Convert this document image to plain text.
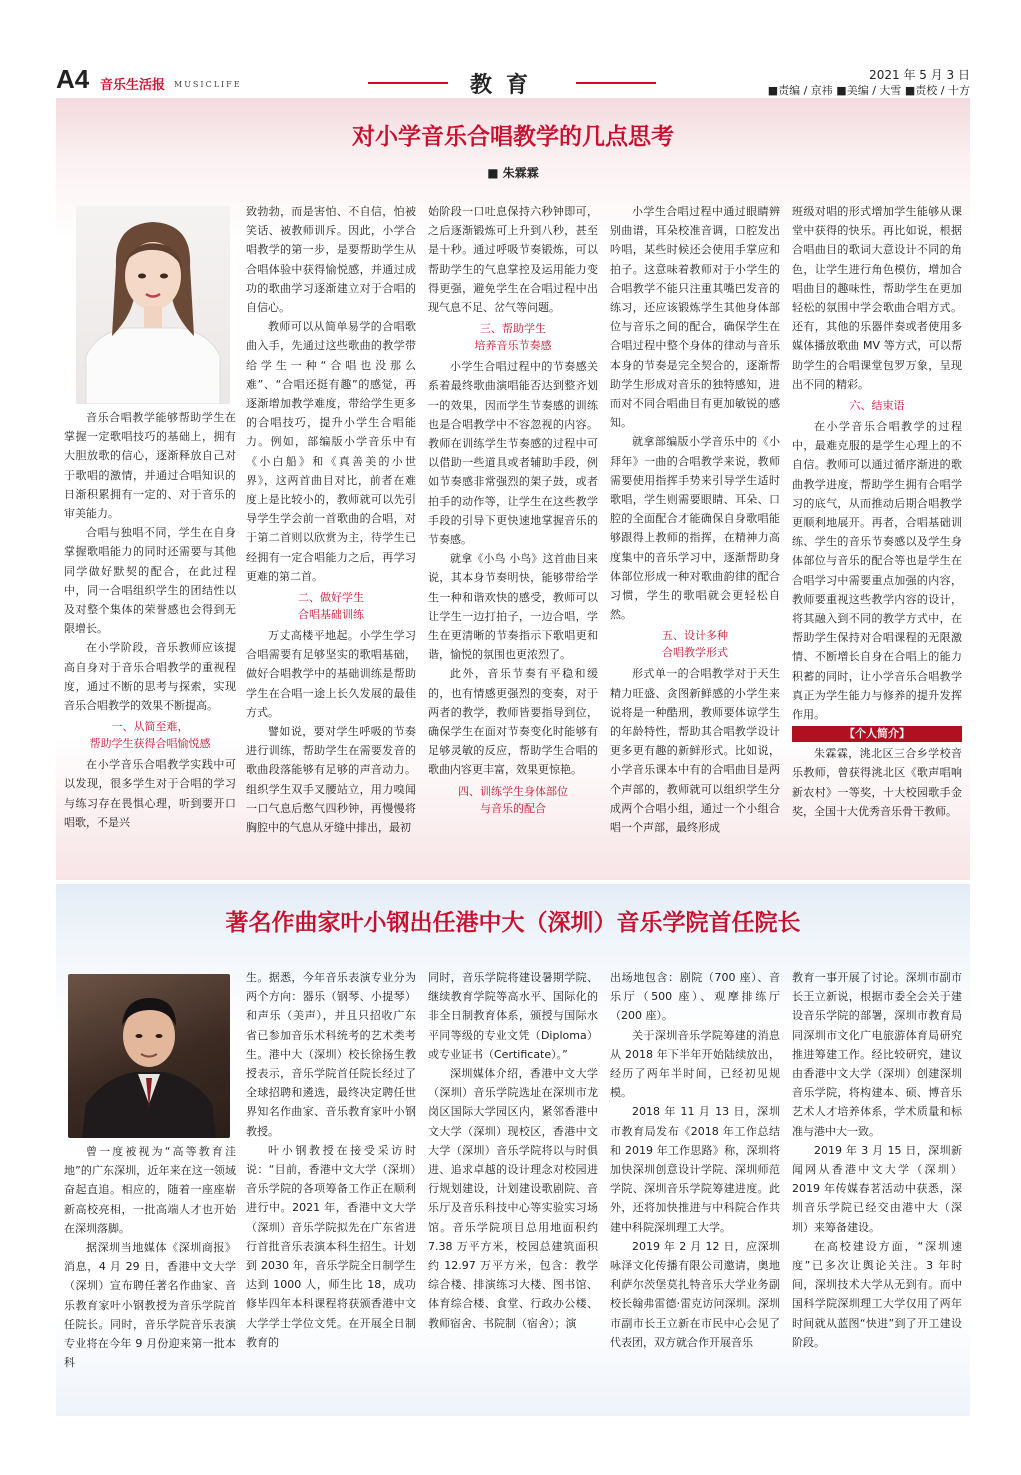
A4 音乐生活报 MUSICLIFE	教育	2021 年 5 月 3 日
■责编 / 京祎 ■美编 / 大雪 ■责校 / 十方
对小学音乐合唱教学的几点思考
■ 朱霖霖

音乐合唱教学能够帮助学生在掌握一定歌唱技巧的基础上，拥有大胆放歌的信心，逐渐释放自己对于歌唱的激情，并通过合唱知识的日渐积累拥有一定的、对于音乐的审美能力。

合唱与独唱不同，学生在自身掌握歌唱能力的同时还需要与其他同学做好默契的配合，在此过程中，同一合唱组织学生的团结性以及对整个集体的荣誉感也会得到无限增长。

在小学阶段，音乐教师应该提高自身对于音乐合唱教学的重视程度，通过不断的思考与探索，实现音乐合唱教学的效果不断提高。

一、从简至难，
帮助学生获得合唱愉悦感

在小学音乐合唱教学实践中可以发现，很多学生对于合唱的学习与练习存在畏惧心理，听到要开口唱歌，不是兴

致勃勃，而是害怕、不自信，怕被笑话、被教师训斥。因此，小学合唱教学的第一步，是要帮助学生从合唱体验中获得愉悦感，并通过成功的歌曲学习逐渐建立对于合唱的自信心。

教师可以从简单易学的合唱歌曲入手，先通过这些歌曲的教学带给学生一种“合唱也没那么难”、“合唱还挺有趣”的感觉，再逐渐增加教学难度，带给学生更多的合唱技巧，提升小学生合唱能力。例如，部编版小学音乐中有《小白船》和《真善美的小世界》，这两首曲目对比，前者在难度上是比较小的，教师就可以先引导学生学会前一首歌曲的合唱，对于第二首则以欣赏为主，待学生已经拥有一定合唱能力之后，再学习更难的第二首。

二、做好学生
合唱基础训练

万丈高楼平地起。小学生学习合唱需要有足够坚实的歌唱基础，做好合唱教学中的基础训练是帮助学生在合唱一途上长久发展的最佳方式。

譬如说，要对学生呼吸的节奏进行训练，帮助学生在需要发音的歌曲段落能够有足够的声音动力。组织学生双手叉腰站立，用力嗅闻一口气息后憋气四秒钟，再慢慢将胸腔中的气息从牙缝中排出，最初

始阶段一口吐息保持六秒钟即可，之后逐渐锻炼可上升到八秒，甚至是十秒。通过呼吸节奏锻炼，可以帮助学生的气息掌控及运用能力变得更强，避免学生在合唱过程中出现气息不足、岔气等问题。

三、帮助学生
培养音乐节奏感

小学生合唱过程中的节奏感关系着最终歌曲演唱能否达到整齐划一的效果，因而学生节奏感的训练也是合唱教学中不容忽视的内容。教师在训练学生节奏感的过程中可以借助一些道具或者辅助手段，例如节奏感非常强烈的架子鼓，或者拍手的动作等，让学生在这些教学手段的引导下更快速地掌握音乐的节奏感。

就拿《小鸟 小鸟》这首曲目来说，其本身节奏明快，能够带给学生一种和谐欢快的感受，教师可以让学生一边打拍子，一边合唱，学生在更清晰的节奏指示下歌唱更和谐，愉悦的氛围也更浓烈了。

此外，音乐节奏有平稳和缓的，也有情感更强烈的变奏，对于两者的教学，教师皆要指导到位，确保学生在面对节奏变化时能够有足够灵敏的反应，帮助学生合唱的歌曲内容更丰富，效果更惊艳。

四、训练学生身体部位
与音乐的配合

小学生合唱过程中通过眼睛辨别曲谱，耳朵校准音调，口腔发出吟唱，某些时候还会使用手掌应和拍子。这意味着教师对于小学生的合唱教学不能只注重其嘴巴发音的练习，还应该锻炼学生其他身体部位与音乐之间的配合，确保学生在合唱过程中整个身体的律动与音乐本身的节奏是完全契合的，逐渐帮助学生形成对音乐的独特感知，进而对不同合唱曲目有更加敏锐的感知。

就拿部编版小学音乐中的《小拜年》一曲的合唱教学来说，教师需要使用指挥手势来引导学生适时歌唱，学生则需要眼睛、耳朵、口腔的全面配合才能确保自身歌唱能够跟得上教师的指挥，在精神力高度集中的音乐学习中，逐渐帮助身体部位形成一种对歌曲韵律的配合习惯，学生的歌唱就会更轻松自然。

五、设计多种
合唱教学形式

形式单一的合唱教学对于天生精力旺盛、贪图新鲜感的小学生来说将是一种酷刑，教师要体谅学生的年龄特性，帮助其合唱教学设计更多更有趣的新鲜形式。比如说，小学音乐课本中有的合唱曲目是两个声部的，教师就可以组织学生分成两个合唱小组，通过一个小组合唱一个声部，最终形成

班级对唱的形式增加学生能够从课堂中获得的快乐。再比如说，根据合唱曲目的歌词大意设计不同的角色，让学生进行角色模仿，增加合唱曲目的趣味性，帮助学生在更加轻松的氛围中学会歌曲合唱方式。还有，其他的乐器伴奏或者使用多媒体播放歌曲 MV 等方式，可以帮助学生的合唱课堂包罗万象，呈现出不同的精彩。

六、结束语

在小学音乐合唱教学的过程中，最难克服的是学生心理上的不自信。教师可以通过循序渐进的歌曲教学进度，帮助学生拥有合唱学习的底气，从而推动后期合唱教学更顺利地展开。再者，合唱基础训练、学生的音乐节奏感以及学生身体部位与音乐的配合等也是学生在合唱学习中需要重点加强的内容，教师要重视这些教学内容的设计，将其融入到不同的教学方式中，在帮助学生保持对合唱课程的无限激情、不断增长自身在合唱上的能力积蓄的同时，让小学音乐合唱教学真正为学生能力与修养的提升发挥作用。

【个人简介】

朱霖霖，洮北区三合乡学校音乐教师，曾获得洮北区《歌声唱响新农村》一等奖，十大校园歌手金奖，全国十大优秀音乐骨干教师。

著名作曲家叶小钢出任港中大（深圳）音乐学院首任院长

曾一度被视为“高等教育洼地”的广东深圳，近年来在这一领域奋起直追。相应的，随着一座座崭新高校亮相，一批高端人才也开始在深圳落脚。

据深圳当地媒体《深圳商报》消息，4 月 29 日，香港中文大学（深圳）宣布聘任著名作曲家、音乐教育家叶小钢教授为音乐学院首任院长。同时，音乐学院音乐表演专业将在今年 9 月份迎来第一批本科

生。据悉，今年音乐表演专业分为两个方向：器乐（钢琴、小提琴）和声乐（美声），并且只招收广东省已参加音乐术科统考的艺术类考生。港中大（深圳）校长徐扬生教授表示，音乐学院首任院长经过了全球招聘和遴选，最终决定聘任世界知名作曲家、音乐教育家叶小钢教授。

叶小钢教授在接受采访时说：“目前，香港中文大学（深圳）音乐学院的各项筹备工作正在顺利进行中。2021 年，香港中文大学（深圳）音乐学院拟先在广东省进行首批音乐表演本科生招生。计划到 2030 年，音乐学院全日制学生达到 1000 人，师生比 18，成功修毕四年本科课程将获颁香港中文大学学士学位文凭。在开展全日制教育的

同时，音乐学院将建设暑期学院、继续教育学院等高水平、国际化的非全日制教育体系，颁授与国际水平同等级的专业文凭（Diploma）或专业证书（Certificate）。”

深圳媒体介绍，香港中文大学（深圳）音乐学院选址在深圳市龙岗区国际大学园区内，紧邻香港中文大学（深圳）现校区，香港中文大学（深圳）音乐学院将以与时俱进、追求卓越的设计理念对校园进行规划建设，计划建设歌剧院、音乐厅及音乐科技中心等实验实习场馆。音乐学院项目总用地面积约 7.38 万平方米，校园总建筑面积约 12.97 万平方米，包含：教学综合楼、排演练习大楼、图书馆、体育综合楼、食堂、行政办公楼、教师宿舍、书院制（宿舍）；演

出场地包含：剧院（700 座）、音乐厅（500 座）、观摩排练厅（200 座）。

关于深圳音乐学院筹建的消息从 2018 年下半年开始陆续放出，经历了两年半时间，已经初见规模。

2018 年 11 月 13 日，深圳市教育局发布《2018 年工作总结和 2019 年工作思路》称，深圳将加快深圳创意设计学院、深圳师范学院、深圳音乐学院筹建进度。此外，还将加快推进与中科院合作共建中科院深圳理工大学。

2019 年 2 月 12 日，应深圳咏泽文化传播有限公司邀请，奥地利萨尔茨堡莫扎特音乐大学业务副校长翰弗雷德·雷克访问深圳。深圳市副市长王立新在市民中心会见了代表团，双方就合作开展音乐

教育一事开展了讨论。深圳市副市长王立新说，根据市委全会关于建设音乐学院的部署，深圳市教育局同深圳市文化广电旅游体育局研究推进筹建工作。经比较研究，建议由香港中文大学（深圳）创建深圳音乐学院，将构建本、硕、博音乐艺术人才培养体系，学术质量和标准与港中大一致。

2019 年 3 月 15 日，深圳新闻网从香港中文大学（深圳）2019 年传媒春茗活动中获悉，深圳音乐学院已经交由港中大（深圳）来筹备建设。

在高校建设方面，“深圳速度”已多次让舆论关注。3 年时间，深圳技术大学从无到有。而中国科学院深圳理工大学仅用了两年时间就从蓝图“快进”到了开工建设阶段。
